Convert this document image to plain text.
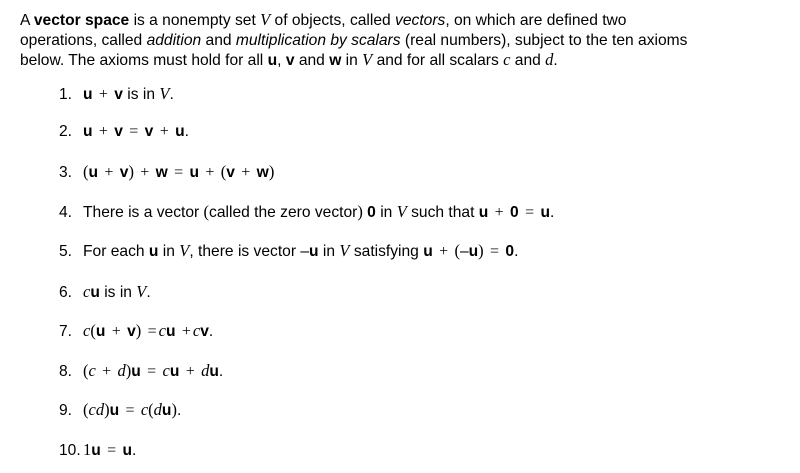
A vector space is a nonempty set V of objects, called vectors, on which are defined two
operations, called addition and multiplication by scalars (real numbers), subject to the ten axioms
below. The axioms must hold for all u, v and w in V and for all scalars c and d.
1. u + v is in V.
2. u + v = v + u.
3. (u + v) + w = u + (v + w)
4. There is a vector (called the zero vector) 0 in V such that u + 0 = u.
5. For each u in V, there is vector –u in V satisfying u + (–u) = 0.
6. cu is in V.
7. c(u + v) = cu + cv.
8. (c + d)u = cu + du.
9. (cd)u = c(du).
10. 1u = u.
